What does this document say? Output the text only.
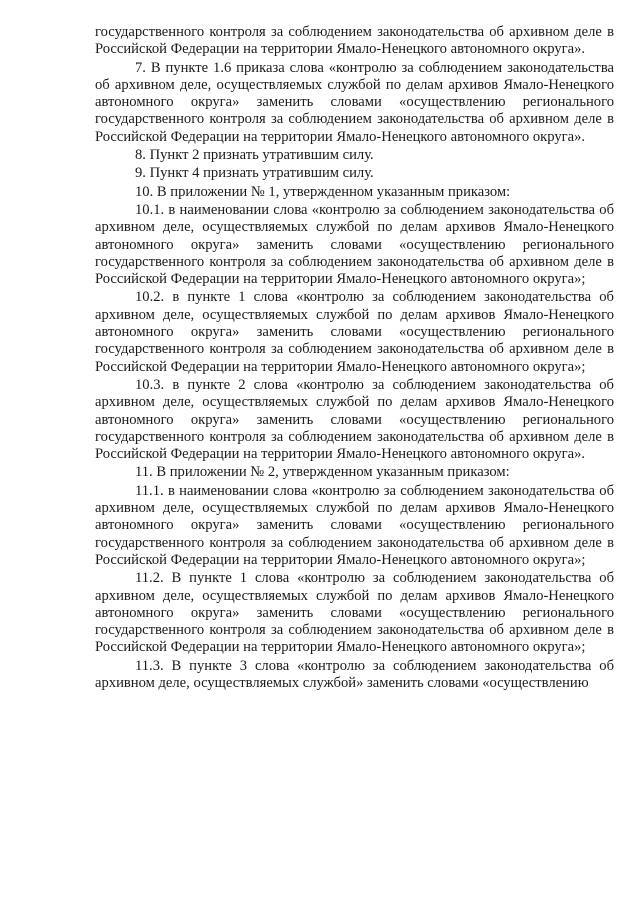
государственного контроля за соблюдением законодательства об архивном деле в Российской Федерации на территории Ямало-Ненецкого автономного округа».

7. В пункте 1.6 приказа слова «контролю за соблюдением законодательства об архивном деле, осуществляемых службой по делам архивов Ямало-Ненецкого автономного округа» заменить словами «осуществлению регионального государственного контроля за соблюдением законодательства об архивном деле в Российской Федерации на территории Ямало-Ненецкого автономного округа».

8. Пункт 2 признать утратившим силу.

9. Пункт 4 признать утратившим силу.

10. В приложении № 1, утвержденном указанным приказом:

10.1. в наименовании слова «контролю за соблюдением законодательства об архивном деле, осуществляемых службой по делам архивов Ямало-Ненецкого автономного округа» заменить словами «осуществлению регионального государственного контроля за соблюдением законодательства об архивном деле в Российской Федерации на территории Ямало-Ненецкого автономного округа»;

10.2. в пункте 1 слова «контролю за соблюдением законодательства об архивном деле, осуществляемых службой по делам архивов Ямало-Ненецкого автономного округа» заменить словами «осуществлению регионального государственного контроля за соблюдением законодательства об архивном деле в Российской Федерации на территории Ямало-Ненецкого автономного округа»;

10.3. в пункте 2 слова «контролю за соблюдением законодательства об архивном деле, осуществляемых службой по делам архивов Ямало-Ненецкого автономного округа» заменить словами «осуществлению регионального государственного контроля за соблюдением законодательства об архивном деле в Российской Федерации на территории Ямало-Ненецкого автономного округа».

11. В приложении № 2, утвержденном указанным приказом:

11.1. в наименовании слова «контролю за соблюдением законодательства об архивном деле, осуществляемых службой по делам архивов Ямало-Ненецкого автономного округа» заменить словами «осуществлению регионального государственного контроля за соблюдением законодательства об архивном деле в Российской Федерации на территории Ямало-Ненецкого автономного округа»;

11.2. В пункте 1 слова «контролю за соблюдением законодательства об архивном деле, осуществляемых службой по делам архивов Ямало-Ненецкого автономного округа» заменить словами «осуществлению регионального государственного контроля за соблюдением законодательства об архивном деле в Российской Федерации на территории Ямало-Ненецкого автономного округа»;

11.3. В пункте 3 слова «контролю за соблюдением законодательства об архивном деле, осуществляемых службой» заменить словами «осуществлению
